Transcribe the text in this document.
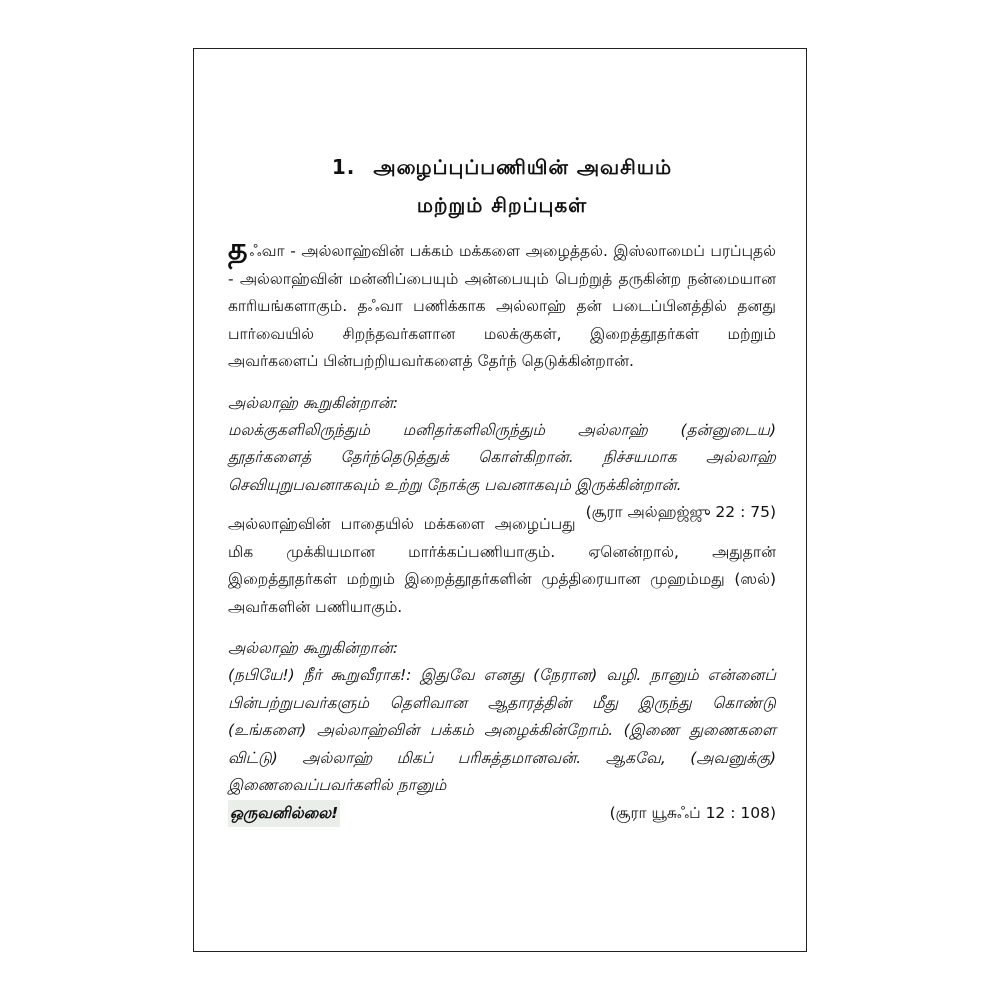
1. அழைப்புப்பணியின் அவசியம்
மற்றும் சிறப்புகள்

தஃவா - அல்லாஹ்வின் பக்கம் மக்களை அழைத்தல். இஸ்லாமைப் பரப்புதல் - அல்லாஹ்வின் மன்னிப்பையும் அன்பையும் பெற்றுத் தருகின்ற நன்மையான காரியங்களாகும். தஃவா பணிக்காக அல்லாஹ் தன் படைப்பினத்தில் தனது பார்வையில் சிறந்தவர்களான மலக்குகள், இறைத்தூதர்கள் மற்றும் அவர்களைப் பின்பற்றியவர்களைத் தேர்ந் தெடுக்கின்றான்.

அல்லாஹ் கூறுகின்றான்:

மலக்குகளிலிருந்தும் மனிதர்களிலிருந்தும் அல்லாஹ் (தன்னுடைய) தூதர்களைத் தேர்ந்தெடுத்துக் கொள்கிறான். நிச்சயமாக அல்லாஹ் செவியுறுபவனாகவும் உற்று நோக்கு பவனாகவும் இருக்கின்றான்.
(சூரா அல்ஹஜ்ஜு 22 : 75)

அல்லாஹ்வின் பாதையில் மக்களை அழைப்பது மிக முக்கியமான மார்க்கப்பணியாகும். ஏனென்றால், அதுதான் இறைத்தூதர்கள் மற்றும் இறைத்தூதர்களின் முத்திரையான முஹம்மது (ஸல்) அவர்களின் பணியாகும்.

அல்லாஹ் கூறுகின்றான்:

(நபியே!) நீர் கூறுவீராக!: இதுவே எனது (நேரான) வழி. நானும் என்னைப் பின்பற்றுபவர்களும் தெளிவான ஆதாரத்தின் மீது இருந்து கொண்டு (உங்களை) அல்லாஹ்வின் பக்கம் அழைக்கின்றோம். (இணை துணைகளை விட்டு) அல்லாஹ் மிகப் பரிசுத்தமானவன். ஆகவே, (அவனுக்கு) இணைவைப்பவர்களில் நானும்

ஒருவனில்லை!	(சூரா யூசுஃப் 12 : 108)
